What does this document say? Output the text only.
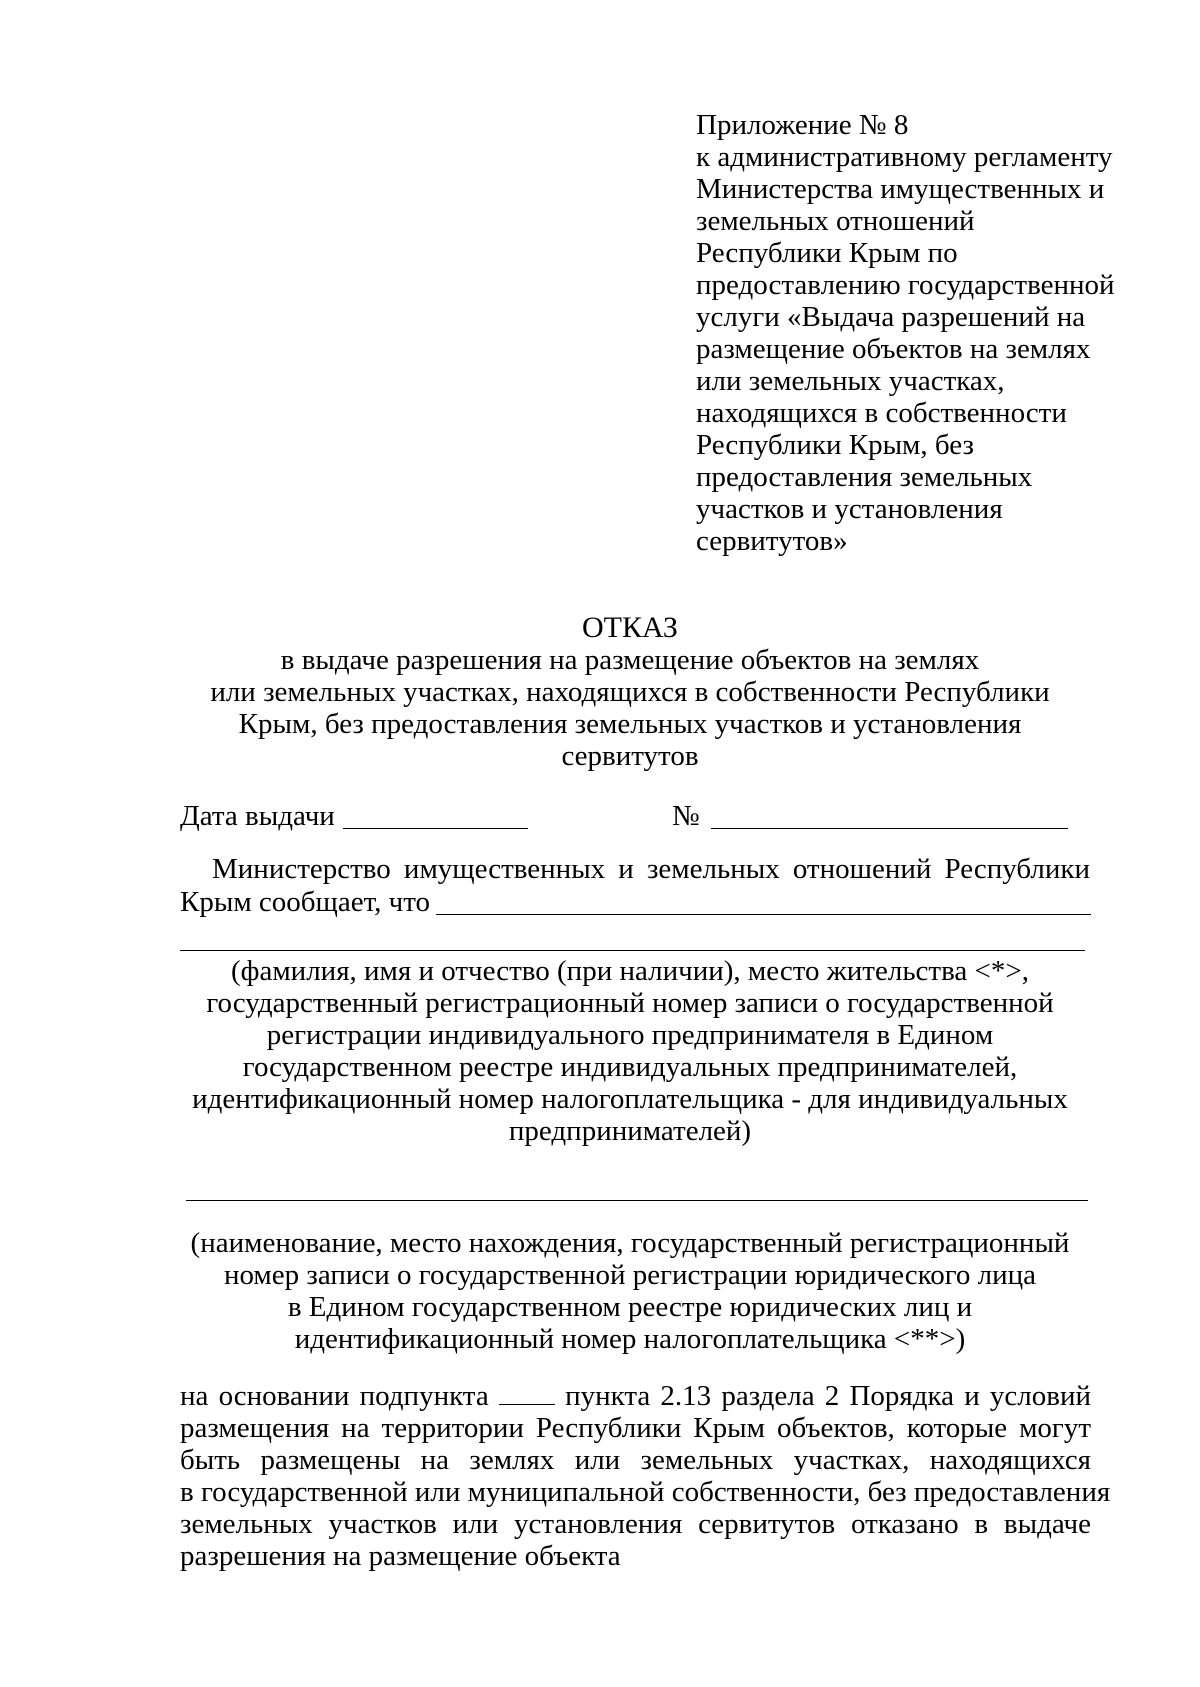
Приложение № 8
к административному регламенту
Министерства имущественных и
земельных отношений
Республики Крым по
предоставлению государственной
услуги «Выдача разрешений на
размещение объектов на землях
или земельных участках,
находящихся в собственности
Республики Крым, без
предоставления земельных
участков и установления
сервитутов»
ОТКАЗ
в выдаче разрешения на размещение объектов на землях
или земельных участках, находящихся в собственности Республики
Крым, без предоставления земельных участков и установления
сервитутов
Дата выдачи	№
Министерство имущественных и земельных отношений Республики
Крым сообщает, что
(фамилия, имя и отчество (при наличии), место жительства <*>,
государственный регистрационный номер записи о государственной
регистрации индивидуального предпринимателя в Едином
государственном реестре индивидуальных предпринимателей,
идентификационный номер налогоплательщика - для индивидуальных
предпринимателей)
(наименование, место нахождения, государственный регистрационный
номер записи о государственной регистрации юридического лица
в Едином государственном реестре юридических лиц и
идентификационный номер налогоплательщика <**>)
на основании подпункта	пункта 2.13 раздела 2 Порядка и условий
размещения на территории Республики Крым объектов, которые могут
быть размещены на землях или земельных участках, находящихся
в государственной или муниципальной собственности, без предоставления
земельных участков или установления сервитутов отказано в выдаче
разрешения на размещение объекта
